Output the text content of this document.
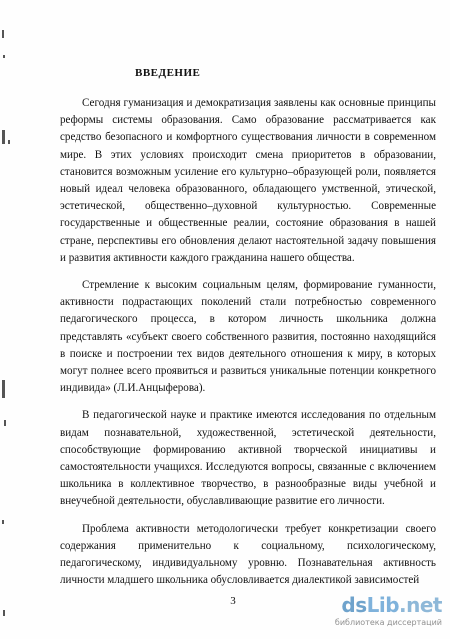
ВВЕДЕНИЕ

Сегодня гуманизация и демократизация заявлены как основные принципы реформы системы образования. Само образование рассматривается как средство безопасного и комфортного существования личности в современном мире. В этих условиях происходит смена приоритетов в образовании, становится возможным усиление его культурно–образующей роли, появляется новый идеал человека образованного, обладающего умственной, этической, эстетической, общественно–духовной культурностью. Современные государственные и общественные реалии, состояние образования в нашей стране, перспективы его обновления делают настоятельной задачу повышения и развития активности каждого гражданина нашего общества.

Стремление к высоким социальным целям, формирование гуманности, активности подрастающих поколений стали потребностью современного педагогического процесса, в котором личность школьника должна представлять «субъект своего собственного развития, постоянно находящийся в поиске и построении тех видов деятельного отношения к миру, в которых могут полнее всего проявиться и развиться уникальные потенции конкретного индивида» (Л.И.Анцыферова).

В педагогической науке и практике имеются исследования по отдельным видам познавательной, художественной, эстетической деятельности, способствующие формированию активной творческой инициативы и самостоятельности учащихся. Исследуются вопросы, связанные с включением школьника в коллективное творчество, в разнообразные виды учебной и внеучебной деятельности, обуславливающие развитие его личности.

Проблема активности методологически требует конкретизации своего содержания применительно к социальному, психологическому, педагогическому, индивидуальному уровню. Познавательная активность личности младшего школьника обусловливается диалектикой зависимостей

3	dsLib.net
библиотека диссертаций
